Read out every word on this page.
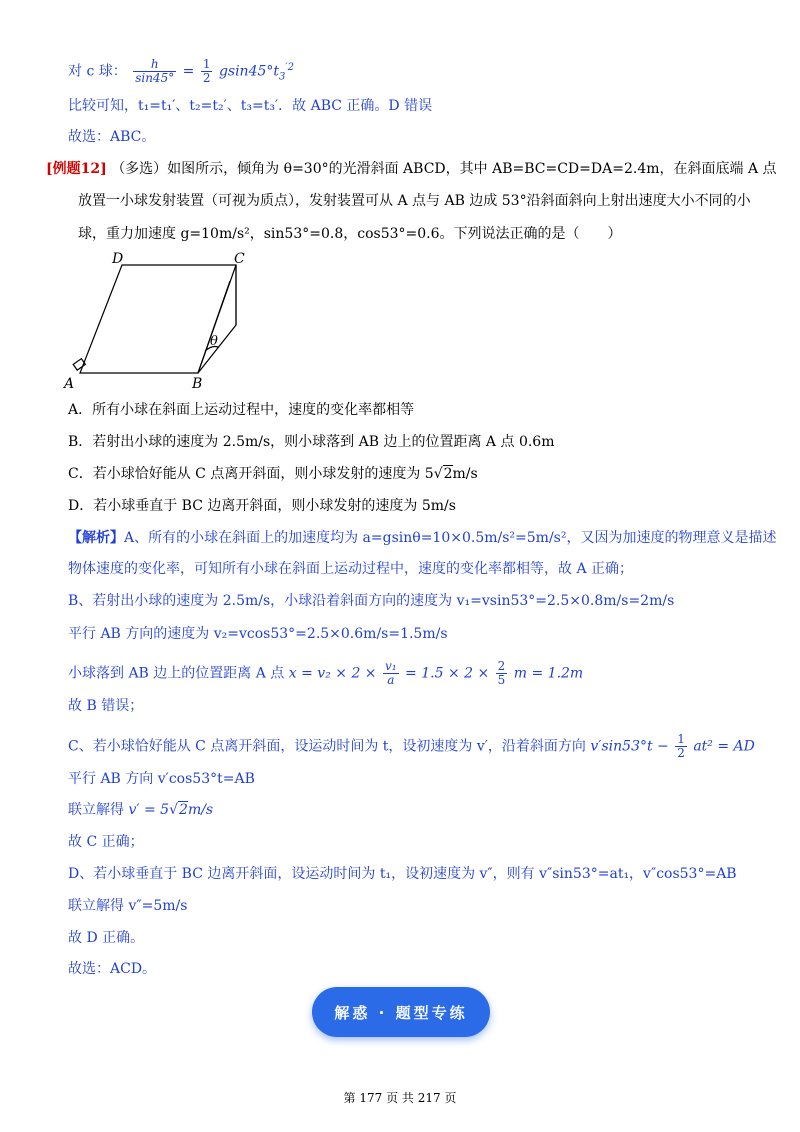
对 c 球： $\frac{h}{\sin 45^\circ} = \frac{1}{2} gsin45^\circ t_3^{'2}$
比较可知，t₁=t₁′、t₂=t₂′、t₃=t₃′．故 ABC 正确。D 错误
故选：ABC。
[例题12] （多选）如图所示，倾角为 θ=30°的光滑斜面 ABCD，其中 AB=BC=CD=DA=2.4m，在斜面底端 A 点
放置一小球发射装置（可视为质点），发射装置可从 A 点与 AB 边成 53°沿斜面斜向上射出速度大小不同的小
球，重力加速度 g=10m/s²，sin53°=0.8，cos53°=0.6。下列说法正确的是（　　）
A	B
C
D
θ
A．所有小球在斜面上运动过程中，速度的变化率都相等
B．若射出小球的速度为 2.5m/s，则小球落到 AB 边上的位置距离 A 点 0.6m
C．若小球恰好能从 C 点离开斜面，则小球发射的速度为 5√2m/s
D．若小球垂直于 BC 边离开斜面，则小球发射的速度为 5m/s
【解析】A、所有的小球在斜面上的加速度均为 a=gsinθ=10×0.5m/s²=5m/s²，又因为加速度的物理意义是描述
物体速度的变化率，可知所有小球在斜面上运动过程中，速度的变化率都相等，故 A 正确；
B、若射出小球的速度为 2.5m/s，小球沿着斜面方向的速度为 v₁=vsin53°=2.5×0.8m/s=2m/s
平行 AB 方向的速度为 v₂=vcos53°=2.5×0.6m/s=1.5m/s
小球落到 AB 边上的位置距离 A 点 $x = v_2 \times 2 \times \frac{\text{v₁}}{a} = 1.5 \times 2 \times \frac{2}{5}$ m = 1.2m
故 B 错误；
C、若小球恰好能从 C 点离开斜面，设运动时间为 t，设初速度为 v′，沿着斜面方向 $v'\sin 53^\circ t - \frac{1}{2} at^2$ = AD
平行 AB 方向 v′cos53°t=AB
联立解得 v′ = 5√2m/s
故 C 正确；
D、若小球垂直于 BC 边离开斜面，设运动时间为 t₁，设初速度为 v″，则有 v″sin53°=at₁，v″cos53°=AB
联立解得 v″=5m/s
故 D 正确。
故选：ACD。
解惑 · 题型专练
第 177 页 共 217 页
